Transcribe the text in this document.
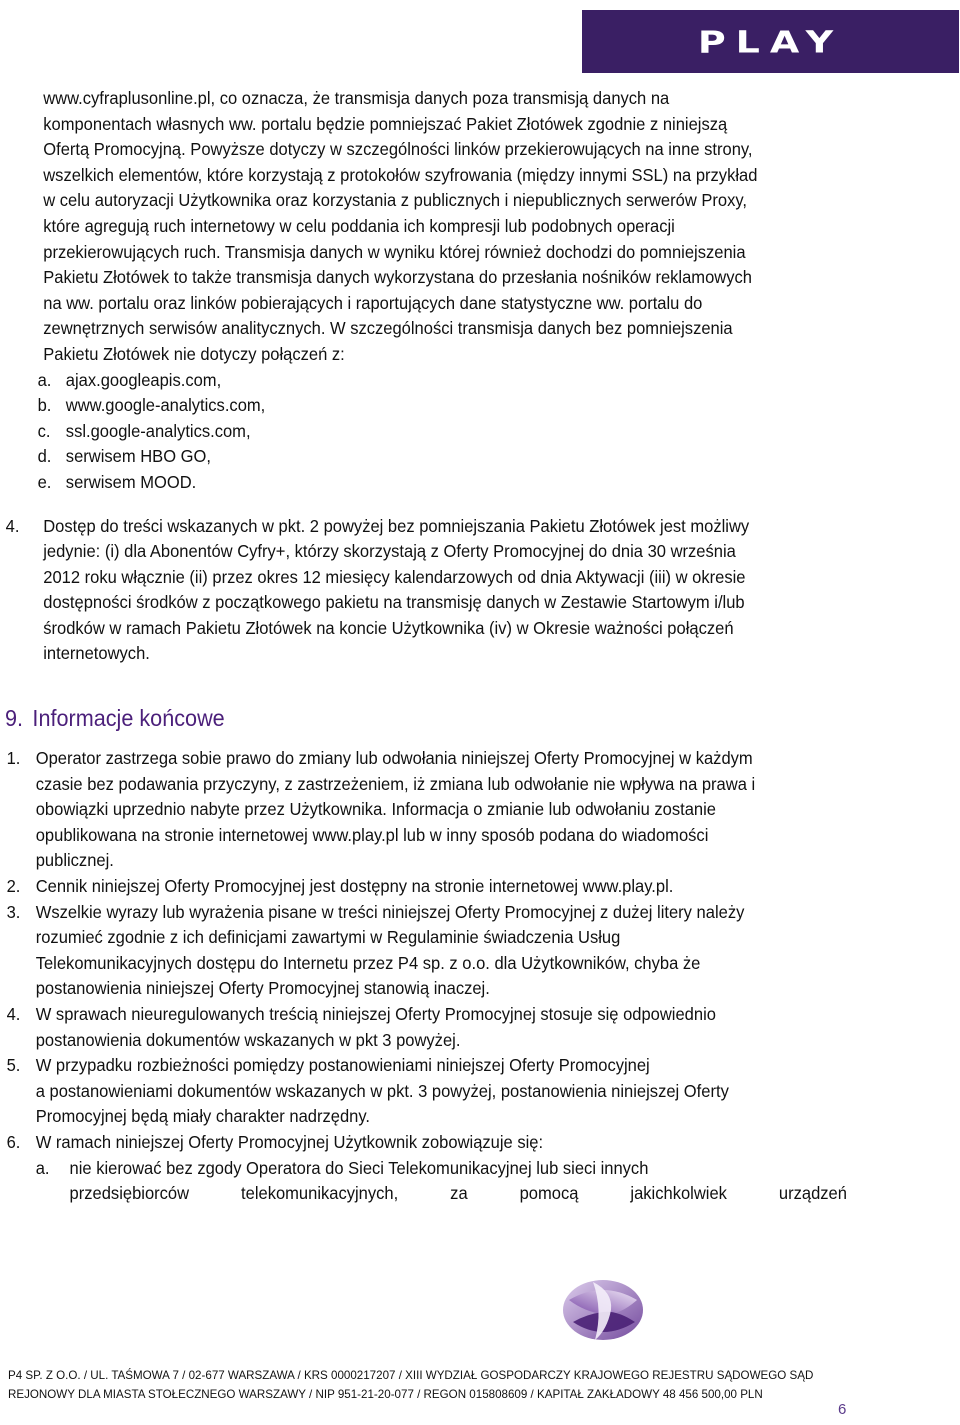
PLAY
www.cyfraplusonline.pl, co oznacza, że transmisja danych poza transmisją danych na
komponentach własnych ww. portalu będzie pomniejszać Pakiet Złotówek zgodnie z niniejszą
Ofertą Promocyjną. Powyższe dotyczy w szczególności linków przekierowujących na inne strony,
wszelkich elementów, które korzystają z protokołów szyfrowania (między innymi SSL) na przykład
w celu autoryzacji Użytkownika oraz korzystania z publicznych i niepublicznych serwerów Proxy,
które agregują ruch internetowy w celu poddania ich kompresji lub podobnych operacji
przekierowujących ruch. Transmisja danych w wyniku której również dochodzi do pomniejszenia
Pakietu Złotówek to także transmisja danych wykorzystana do przesłania nośników reklamowych
na ww. portalu oraz linków pobierających i raportujących dane statystyczne ww. portalu do
zewnętrznych serwisów analitycznych. W szczególności transmisja danych bez pomniejszenia
Pakietu Złotówek nie dotyczy połączeń z:
a. ajax.googleapis.com,
b. www.google-analytics.com,
c. ssl.google-analytics.com,
d. serwisem HBO GO,
e. serwisem MOOD.
4. Dostęp do treści wskazanych w pkt. 2 powyżej bez pomniejszania Pakietu Złotówek jest możliwy
jedynie: (i) dla Abonentów Cyfry+, którzy skorzystają z Oferty Promocyjnej do dnia 30 września
2012 roku włącznie (ii) przez okres 12 miesięcy kalendarzowych od dnia Aktywacji (iii) w okresie
dostępności środków z początkowego pakietu na transmisję danych w Zestawie Startowym i/lub
środków w ramach Pakietu Złotówek na koncie Użytkownika (iv) w Okresie ważności połączeń
internetowych.
1. Operator zastrzega sobie prawo do zmiany lub odwołania niniejszej Oferty Promocyjnej w każdym
czasie bez podawania przyczyny, z zastrzeżeniem, iż zmiana lub odwołanie nie wpływa na prawa i
obowiązki uprzednio nabyte przez Użytkownika. Informacja o zmianie lub odwołaniu zostanie
opublikowana na stronie internetowej www.play.pl lub w inny sposób podana do wiadomości
publicznej.
2. Cennik niniejszej Oferty Promocyjnej jest dostępny na stronie internetowej www.play.pl.
3. Wszelkie wyrazy lub wyrażenia pisane w treści niniejszej Oferty Promocyjnej z dużej litery należy
rozumieć zgodnie z ich definicjami zawartymi w Regulaminie świadczenia Usług
Telekomunikacyjnych dostępu do Internetu przez P4 sp. z o.o. dla Użytkowników, chyba że
postanowienia niniejszej Oferty Promocyjnej stanowią inaczej.
4. W sprawach nieuregulowanych treścią niniejszej Oferty Promocyjnej stosuje się odpowiednio
postanowienia dokumentów wskazanych w pkt 3 powyżej.
5. W przypadku rozbieżności pomiędzy postanowieniami niniejszej Oferty Promocyjnej
a postanowieniami dokumentów wskazanych w pkt. 3 powyżej, postanowienia niniejszej Oferty
Promocyjnej będą miały charakter nadrzędny.
6. W ramach niniejszej Oferty Promocyjnej Użytkownik zobowiązuje się:
a. nie kierować bez zgody Operatora do Sieci Telekomunikacyjnej lub sieci innych
przedsiębiorców telekomunikacyjnych, za pomocą jakichkolwiek urządzeń
9. Informacje końcowe
P4 SP. Z O.O. / UL. TAŚMOWA 7 / 02-677 WARSZAWA / KRS 0000217207 / XIII WYDZIAŁ GOSPODARCZY KRAJOWEGO REJESTRU SĄDOWEGO SĄD
REJONOWY DLA MIASTA STOŁECZNEGO WARSZAWY / NIP 951-21-20-077 / REGON 015808609 / KAPITAŁ ZAKŁADOWY 48 456 500,00 PLN
6
